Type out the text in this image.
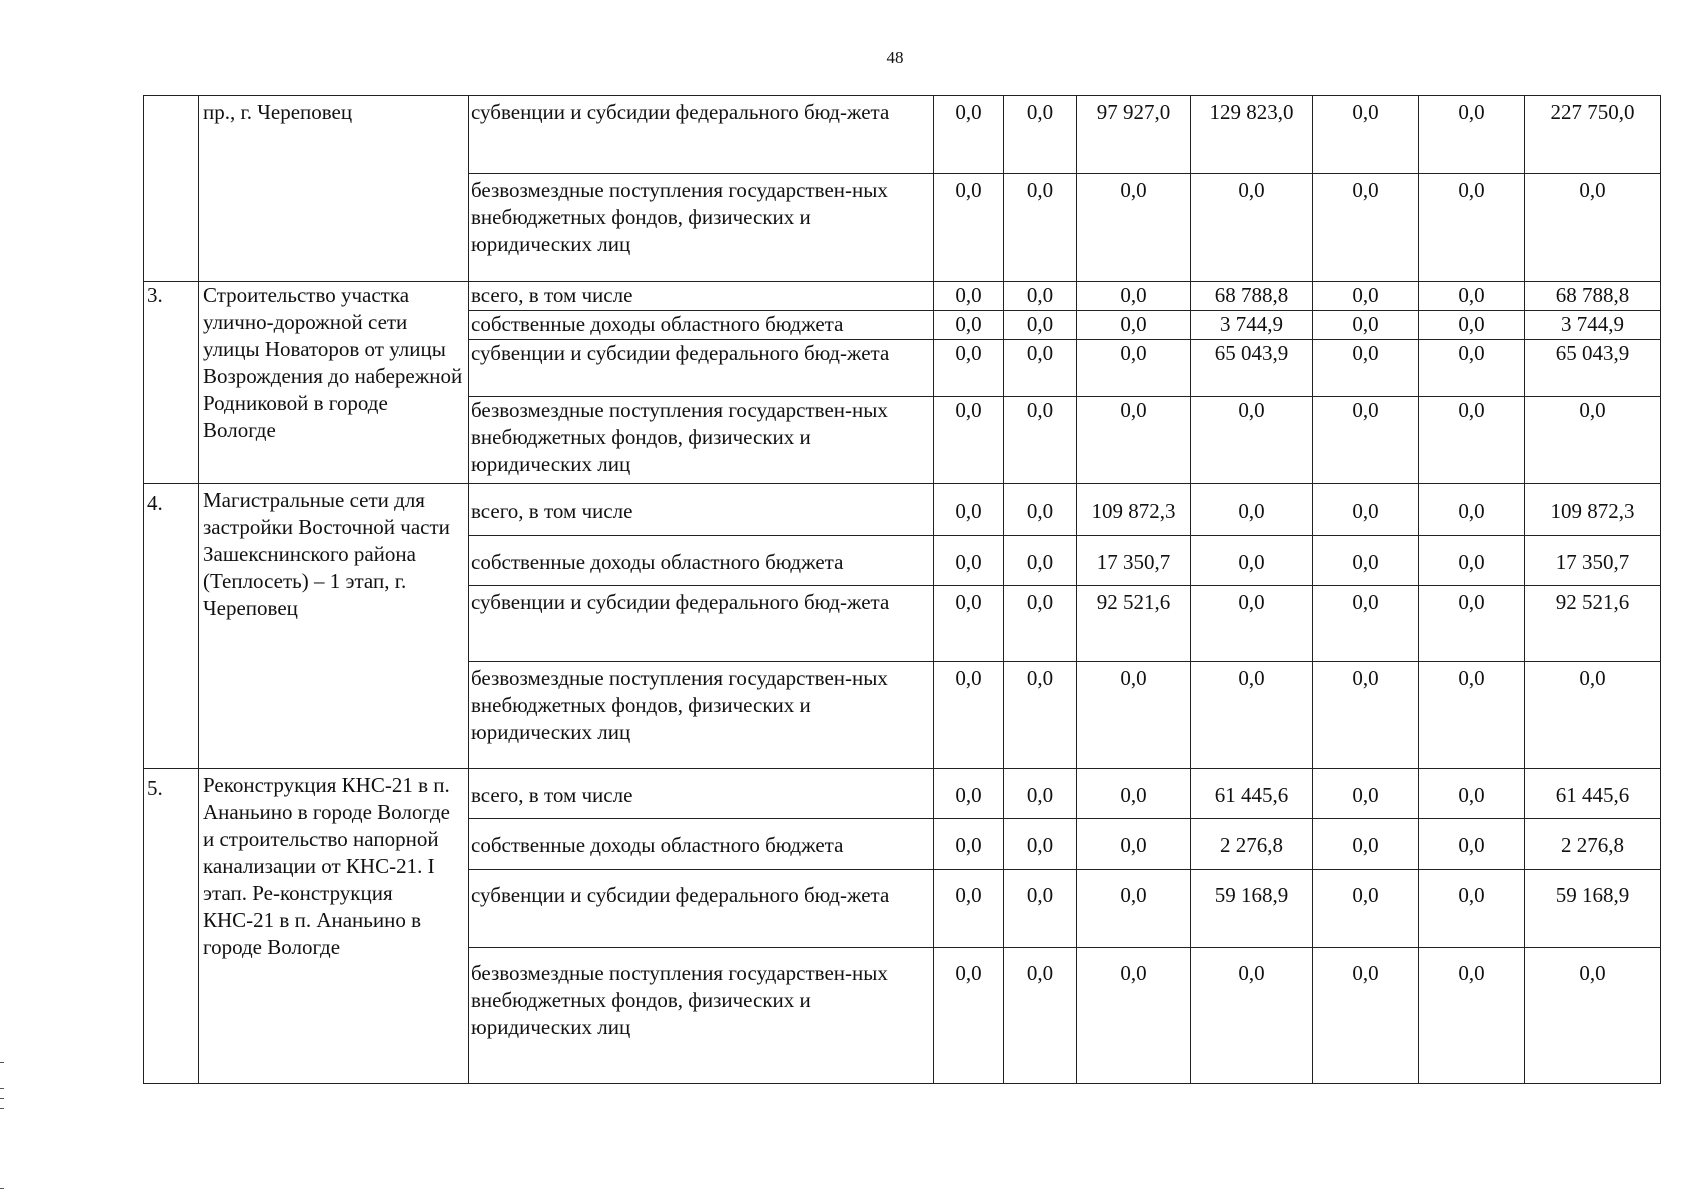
48
	пр., г. Череповец	субвенции и субсидии федерального бюд-жета	0,0	0,0	97 927,0	129 823,0	0,0	0,0	227 750,0
		безвозмездные поступления государствен-ных внебюджетных фондов, физических и юридических лиц	0,0	0,0	0,0	0,0	0,0	0,0	0,0
3.	Строительство участка улично-дорожной сети улицы Новаторов от улицы Возрождения до набережной Родниковой в городе Вологде	всего, в том числе	0,0	0,0	0,0	68 788,8	0,0	0,0	68 788,8
		собственные доходы областного бюджета	0,0	0,0	0,0	3 744,9	0,0	0,0	3 744,9
		субвенции и субсидии федерального бюд-жета	0,0	0,0	0,0	65 043,9	0,0	0,0	65 043,9
		безвозмездные поступления государствен-ных внебюджетных фондов, физических и юридических лиц	0,0	0,0	0,0	0,0	0,0	0,0	0,0
4.	Магистральные сети для застройки Восточной части Зашекснинского района (Теплосеть) – 1 этап, г. Череповец	всего, в том числе	0,0	0,0	109 872,3	0,0	0,0	0,0	109 872,3
		собственные доходы областного бюджета	0,0	0,0	17 350,7	0,0	0,0	0,0	17 350,7
		субвенции и субсидии федерального бюд-жета	0,0	0,0	92 521,6	0,0	0,0	0,0	92 521,6
		безвозмездные поступления государствен-ных внебюджетных фондов, физических и юридических лиц	0,0	0,0	0,0	0,0	0,0	0,0	0,0
5.	Реконструкция КНС-21 в п. Ананьино в городе Вологде и строительство напорной канализации от КНС-21. I этап. Ре-конструкция КНС-21 в п. Ананьино в городе Вологде	всего, в том числе	0,0	0,0	0,0	61 445,6	0,0	0,0	61 445,6
		собственные доходы областного бюджета	0,0	0,0	0,0	2 276,8	0,0	0,0	2 276,8
		субвенции и субсидии федерального бюд-жета	0,0	0,0	0,0	59 168,9	0,0	0,0	59 168,9
		безвозмездные поступления государствен-ных внебюджетных фондов, физических и юридических лиц	0,0	0,0	0,0	0,0	0,0	0,0	0,0
